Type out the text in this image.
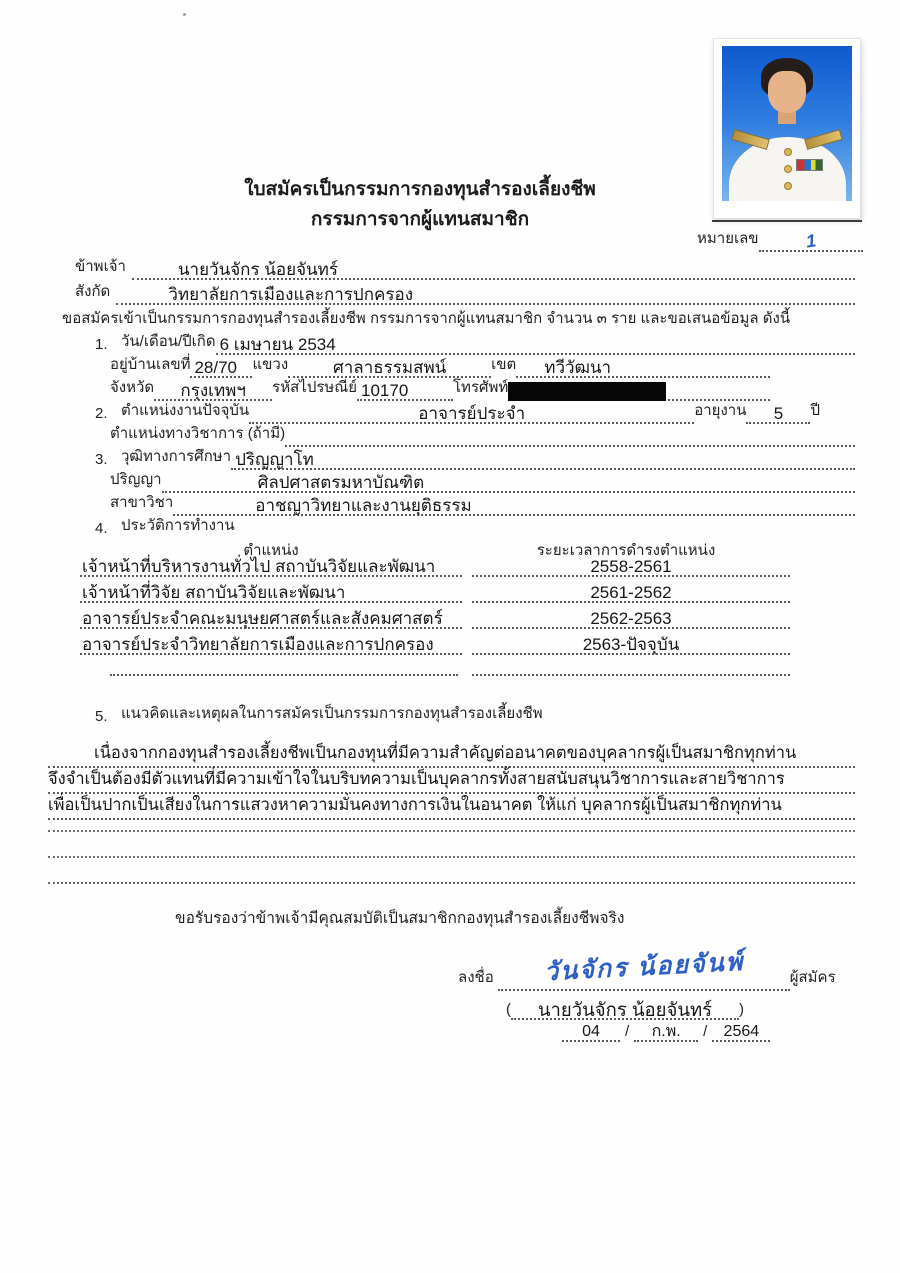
หมายเลข	1
ใบสมัครเป็นกรรมการกองทุนสำรองเลี้ยงชีพ
กรรมการจากผู้แทนสมาชิก
ข้าพเจ้า	นายวันจักร น้อยจันทร์
สังกัด	วิทยาลัยการเมืองและการปกครอง
ขอสมัครเข้าเป็นกรรมการกองทุนสำรองเลี้ยงชีพ กรรมการจากผู้แทนสมาชิก จำนวน ๓ ราย และขอเสนอข้อมูล ดังนี้
1. วัน/เดือน/ปีเกิด 6 เมษายน 2534
อยู่บ้านเลขที่ 28/70 แขวง	ศาลาธรรมสพน์	เขต ทวีวัฒนา
จังหวัด กรุงเทพฯ รหัสไปรษณีย์ 10170	โทรศัพท์
2. ตำแหน่งงานปัจจุบัน	อาจารย์ประจำ	อายุงาน 5 ปี
ตำแหน่งทางวิชาการ (ถ้ามี)
3. วุฒิทางการศึกษา ปริญญาโท
ปริญญา	ศิลปศาสตรมหาบัณฑิต
สาขาวิชา	อาชญาวิทยาและงานยุติธรรม
4. ประวัติการทำงาน
ตำแหน่ง	ระยะเวลาการดำรงตำแหน่ง
เจ้าหน้าที่บริหารงานทั่วไป สถาบันวิจัยและพัฒนา	2558-2561
เจ้าหน้าที่วิจัย สถาบันวิจัยและพัฒนา	2561-2562
อาจารย์ประจำคณะมนุษยศาสตร์และสังคมศาสตร์	2562-2563
อาจารย์ประจำวิทยาลัยการเมืองและการปกครอง	2563-ปัจจุบัน
5. แนวคิดและเหตุผลในการสมัครเป็นกรรมการกองทุนสำรองเลี้ยงชีพ
เนื่องจากกองทุนสำรองเลี้ยงชีพเป็นกองทุนที่มีความสำคัญต่ออนาคตของบุคลากรผู้เป็นสมาชิกทุกท่าน
จึงจำเป็นต้องมีตัวแทนที่มีความเข้าใจในบริบทความเป็นบุคลากรทั้งสายสนับสนุนวิชาการและสายวิชาการ
เพื่อเป็นปากเป็นเสียงในการแสวงหาความมั่นคงทางการเงินในอนาคต ให้แก่ บุคลากรผู้เป็นสมาชิกทุกท่าน
ขอรับรองว่าข้าพเจ้ามีคุณสมบัติเป็นสมาชิกกองทุนสำรองเลี้ยงชีพจริง
ลงชื่อ วันจักร น้อยจันพ์	ผู้สมัคร
( นายวันจักร น้อยจันทร์ )
04 / ก.พ. / 2564
